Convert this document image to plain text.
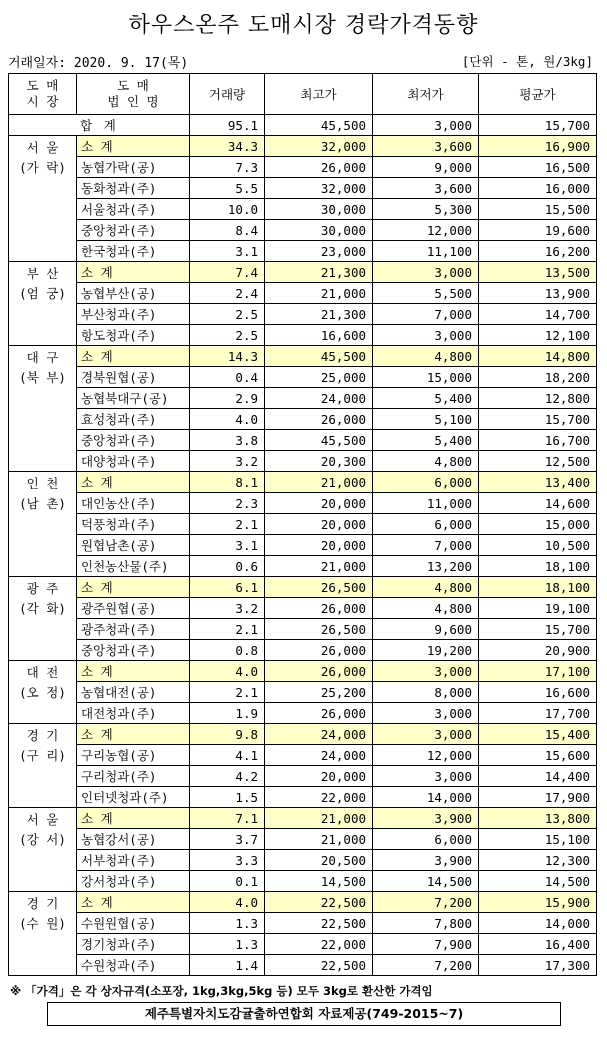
하우스온주 도매시장 경락가격동향
거래일자: 2020. 9. 17(목)	[단위 - 톤, 원/3kg]
도 매
시 장	도 매
법 인 명	거래량	최고가	최저가	평균가
합 계		95.1	45,500	3,000	15,700

서 울
(가 락)	소 계	34.3	32,000	3,600	16,900
	농협가락(공)	7.3	26,000	9,000	16,500
	동화청과(주)	5.5	32,000	3,600	16,000
	서울청과(주)	10.0	30,000	5,300	15,500
	중앙청과(주)	8.4	30,000	12,000	19,600
	한국청과(주)	3.1	23,000	11,100	16,200

부 산
(엄 궁)	소 계	7.4	21,300	3,000	13,500
	농협부산(공)	2.4	21,000	5,500	13,900
	부산청과(주)	2.5	21,300	7,000	14,700
	항도청과(주)	2.5	16,600	3,000	12,100

대 구
(북 부)	소 계	14.3	45,500	4,800	14,800
	경북원협(공)	0.4	25,000	15,000	18,200
	농협북대구(공)	2.9	24,000	5,400	12,800
	효성청과(주)	4.0	26,000	5,100	15,700
	중앙청과(주)	3.8	45,500	5,400	16,700
	대양청과(주)	3.2	20,300	4,800	12,500

인 천
(남 촌)	소 계	8.1	21,000	6,000	13,400
	대인농산(주)	2.3	20,000	11,000	14,600
	덕풍청과(주)	2.1	20,000	6,000	15,000
	원협남촌(공)	3.1	20,000	7,000	10,500
	인천농산물(주)	0.6	21,000	13,200	18,100

광 주
(각 화)	소 계	6.1	26,500	4,800	18,100
	광주원협(공)	3.2	26,000	4,800	19,100
	광주청과(주)	2.1	26,500	9,600	15,700
	중앙청과(주)	0.8	26,000	19,200	20,900

대 전
(오 정)	소 계	4.0	26,000	3,000	17,100
	농협대전(공)	2.1	25,200	8,000	16,600
	대전청과(주)	1.9	26,000	3,000	17,700

경 기
(구 리)	소 계	9.8	24,000	3,000	15,400
	구리농협(공)	4.1	24,000	12,000	15,600
	구리청과(주)	4.2	20,000	3,000	14,400
	인터넷청과(주)	1.5	22,000	14,000	17,900

서 울
(강 서)	소 계	7.1	21,000	3,900	13,800
	농협강서(공)	3.7	21,000	6,000	15,100
	서부청과(주)	3.3	20,500	3,900	12,300
	강서청과(주)	0.1	14,500	14,500	14,500

경 기
(수 원)	소 계	4.0	22,500	7,200	15,900
	수원원협(공)	1.3	22,500	7,800	14,000
	경기청과(주)	1.3	22,000	7,900	16,400
	수원청과(주)	1.4	22,500	7,200	17,300
※ 「가격」은 각 상자규격(소포장, 1kg,3kg,5kg 등) 모두 3kg로 환산한 가격임
제주특별자치도감귤출하연합회 자료제공(749-2015~7)
